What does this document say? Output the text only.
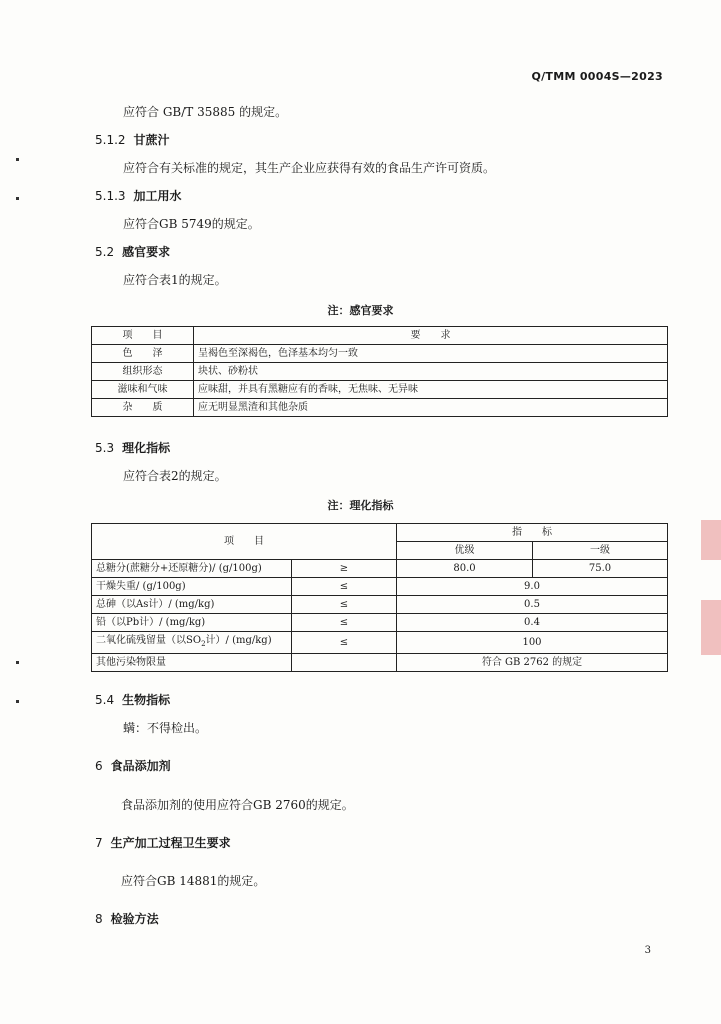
Q/TMM 0004S—2023
应符合 GB/T 35885 的规定。
5.1.2 甘蔗汁
应符合有关标准的规定，其生产企业应获得有效的食品生产许可资质。
5.1.3 加工用水
应符合GB 5749的规定。
5.2 感官要求
应符合表1的规定。
注：感官要求
项　　目	要　　求
色　　泽	呈褐色至深褐色，色泽基本均匀一致
组织形态	块状、砂粉状
滋味和气味	应味甜，并具有黑糖应有的香味，无焦味、无异味
杂　　质	应无明显黑渣和其他杂质
5.3 理化指标
应符合表2的规定。
注：理化指标
项　　目		指　　标	
		优级	一级
总糖分(蔗糖分+还原糖分)/ (g/100g)	≥	80.0	75.0
干燥失重/ (g/100g)	≤	9.0	
总砷（以As计）/ (mg/kg)	≤	0.5	
铅（以Pb计）/ (mg/kg)	≤	0.4	
二氧化硫残留量（以$SO_2$计）/ (mg/kg)	≤	100	
其他污染物限量		符合 GB 2762 的规定	
5.4 生物指标
螨：不得检出。
6 食品添加剂
食品添加剂的使用应符合GB 2760的规定。
7 生产加工过程卫生要求
应符合GB 14881的规定。
8 检验方法
3
